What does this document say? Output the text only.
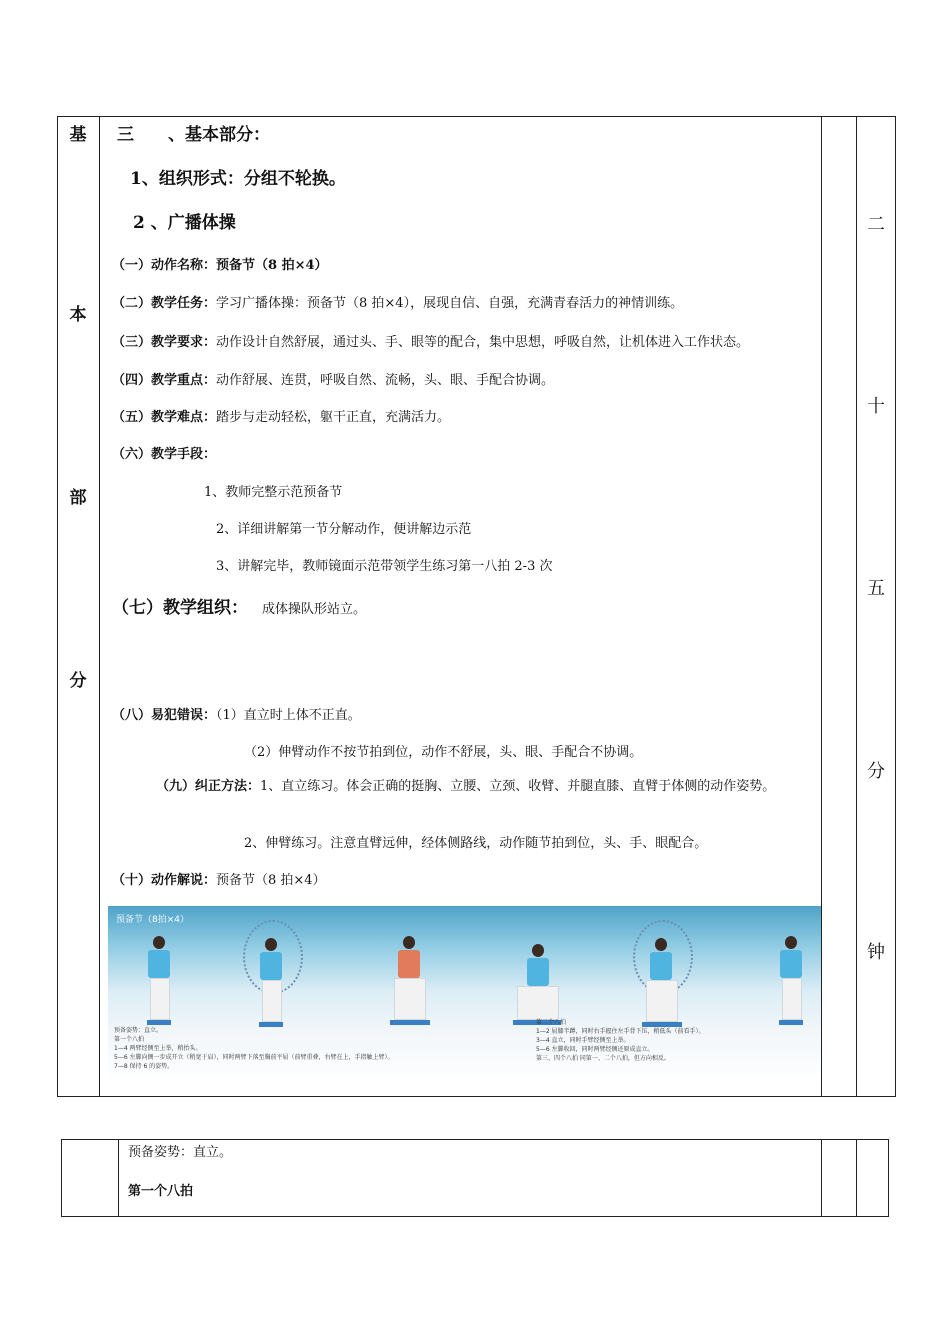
基
本
部
分
二
十
五
分
钟
三 、基本部分：
1、组织形式：分组不轮换。
2 、广播体操
（一）动作名称：预备节（8 拍×4）
（二）教学任务：学习广播体操：预备节（8 拍×4），展现自信、自强，充满青春活力的神情训练。
（三）教学要求：动作设计自然舒展，通过头、手、眼等的配合，集中思想，呼吸自然，让机体进入工作状态。
（四）教学重点：动作舒展、连贯，呼吸自然、流畅，头、眼、手配合协调。
（五）教学难点：踏步与走动轻松，躯干正直，充满活力。
（六）教学手段：
1、教师完整示范预备节
2、详细讲解第一节分解动作，便讲解边示范
3、讲解完毕，教师镜面示范带领学生练习第一八拍 2-3 次
（七）教学组织： 成体操队形站立。
（八）易犯错误：（1）直立时上体不正直。
（2）伸臂动作不按节拍到位，动作不舒展，头、眼、手配合不协调。
（九）纠正方法：1、直立练习。体会正确的挺胸、立腰、立颈、收臂、并腿直膝、直臂于体侧的动作姿势。
2、伸臂练习。注意直臂远伸，经体侧路线，动作随节拍到位，头、手、眼配合。
（十）动作解说：预备节（8 拍×4）
预备节（8拍×4）
预备姿势：直立。
第一个八拍
1—4 两臂经侧至上举，稍抬头。
5—6 左脚向侧一步成开立（稍宽于肩），同时两臂下落至胸前平屈（前臂重叠，右臂在上，手指触上臂）。
7—8 保持 6 的姿势。
第二个八拍
1—2 屈膝半蹲，同时右手握住左手背下压，稍低头（前看手）。
3—4 直立，同时手臂经侧至上举。
5—6 左脚收回，同时两臂经侧还原成直立。
第三、四个八拍 同第一、二个八拍，但方向相反。
预备姿势：直立。
第一个八拍
